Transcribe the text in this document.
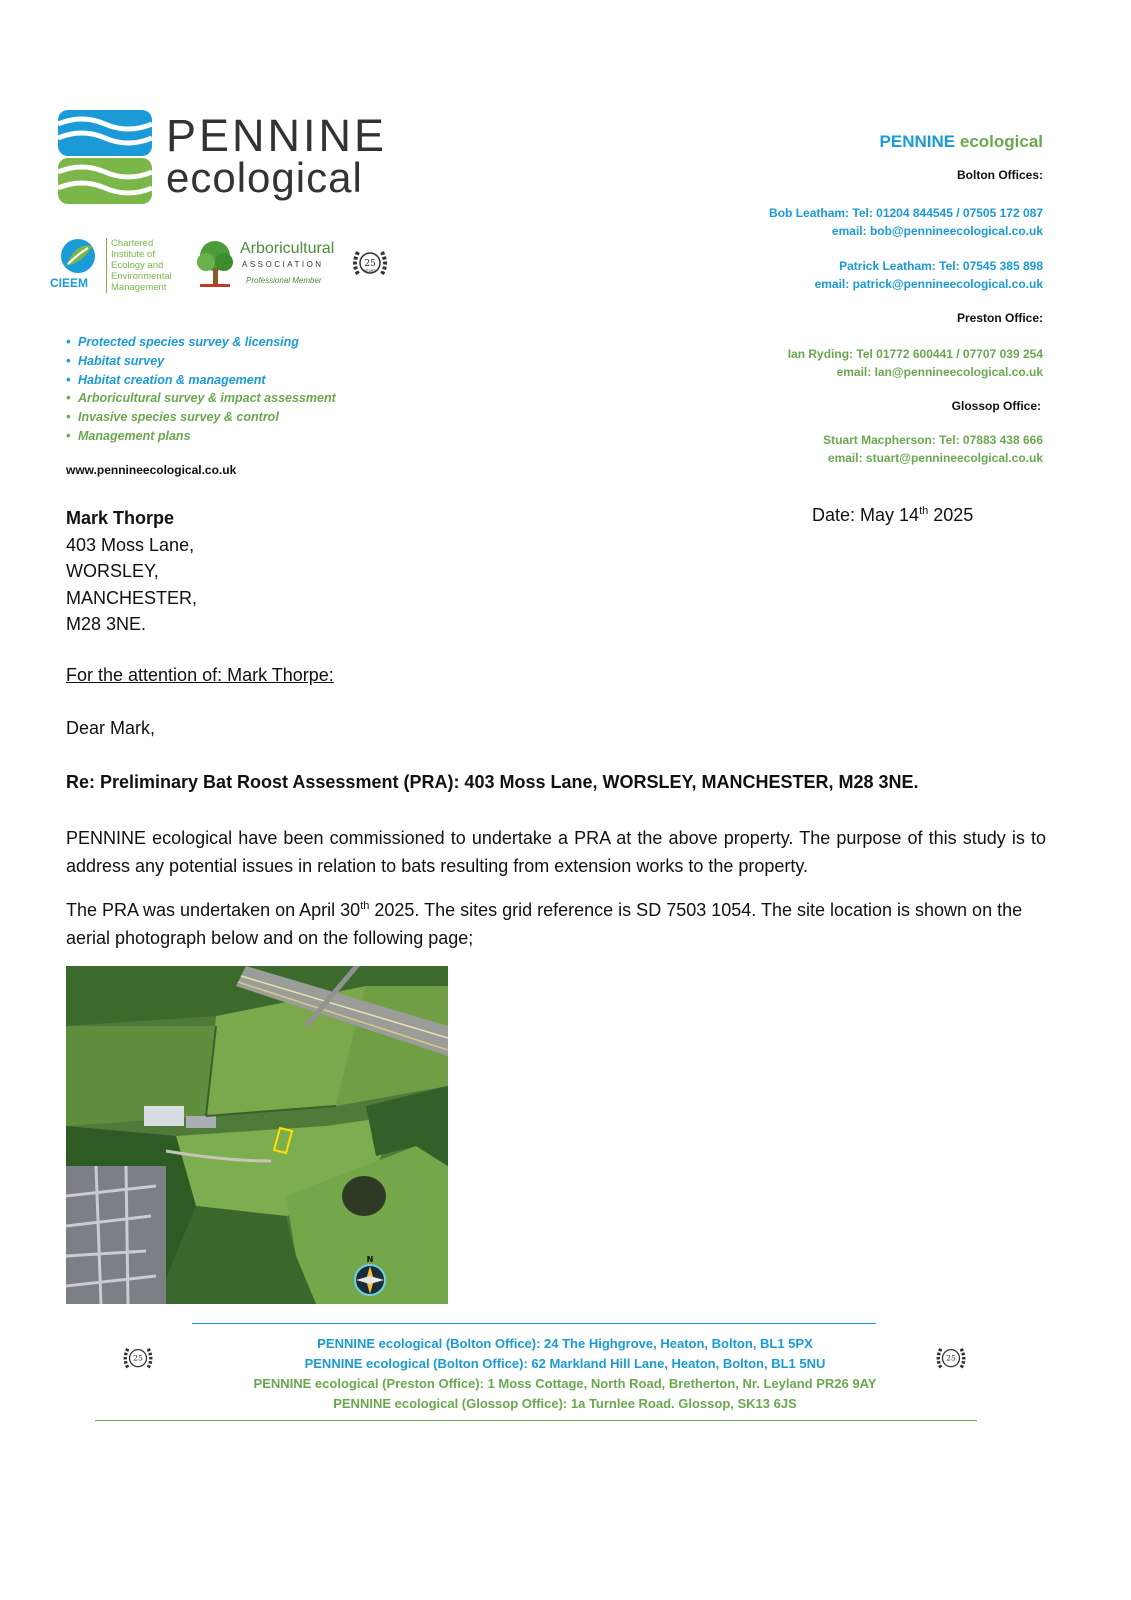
PENNINE
ecological
CIEEM
Chartered
Institute of
Ecology and
Environmental
Management
Arboricultural
ASSOCIATION
Professional Member
25
YEARS
• Protected species survey & licensing
• Habitat survey
• Habitat creation & management
• Arboricultural survey & impact assessment
• Invasive species survey & control
• Management plans
www.pennineecological.co.uk
PENNINE ecological
Bolton Offices:
Bob Leatham: Tel: 01204 844545 / 07505 172 087
email: bob@pennineecological.co.uk
Patrick Leatham: Tel: 07545 385 898
email: patrick@pennineecological.co.uk
Preston Office:
Ian Ryding: Tel 01772 600441 / 07707 039 254
email: Ian@pennineecological.co.uk
Glossop Office:
Stuart Macpherson: Tel: 07883 438 666
email: stuart@pennineecolgical.co.uk
Mark Thorpe
403 Moss Lane,
WORSLEY,
MANCHESTER,
M28 3NE.
Date: May 14th 2025
For the attention of: Mark Thorpe:
Dear Mark,
Re: Preliminary Bat Roost Assessment (PRA): 403 Moss Lane, WORSLEY, MANCHESTER, M28 3NE.
PENNINE ecological have been commissioned to undertake a PRA at the above property. The purpose of this study is to address any potential issues in relation to bats resulting from extension works to the property.
The PRA was undertaken on April 30th 2025. The sites grid reference is SD 7503 1054. The site location is shown on the aerial photograph below and on the following page;
N
PENNINE ecological (Bolton Office): 24 The Highgrove, Heaton, Bolton, BL1 5PX
PENNINE ecological (Bolton Office): 62 Markland Hill Lane, Heaton, Bolton, BL1 5NU
PENNINE ecological (Preston Office): 1 Moss Cottage, North Road, Bretherton, Nr. Leyland PR26 9AY
PENNINE ecological (Glossop Office): 1a Turnlee Road. Glossop, SK13 6JS
25	25
